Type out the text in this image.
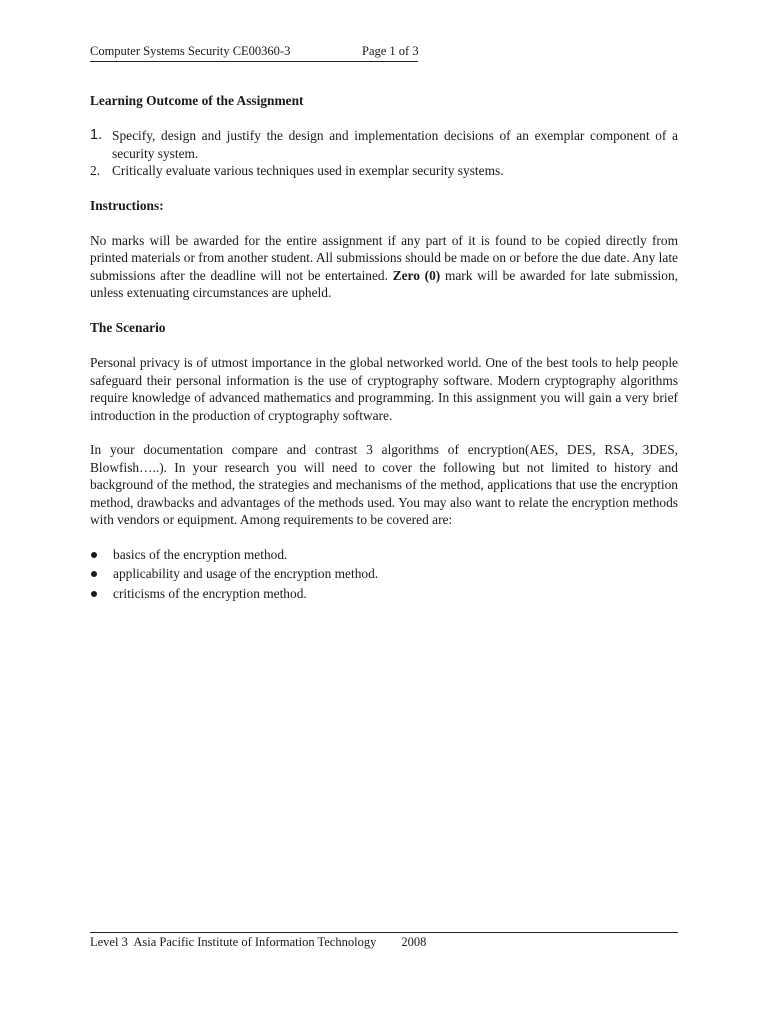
Computer Systems Security CE00360-3	Page 1 of 3
Learning Outcome of the Assignment
1. Specify, design and justify the design and implementation decisions of an exemplar component of a security system.
2. Critically evaluate various techniques used in exemplar security systems.
Instructions:

No marks will be awarded for the entire assignment if any part of it is found to be copied directly from printed materials or from another student. All submissions should be made on or before the due date. Any late submissions after the deadline will not be entertained. Zero (0) mark will be awarded for late submission, unless extenuating circumstances are upheld.

The Scenario

Personal privacy is of utmost importance in the global networked world. One of the best tools to help people safeguard their personal information is the use of cryptography software. Modern cryptography algorithms require knowledge of advanced mathematics and programming. In this assignment you will gain a very brief introduction in the production of cryptography software.

In your documentation compare and contrast 3 algorithms of encryption(AES, DES, RSA, 3DES, Blowfish…..). In your research you will need to cover the following but not limited to history and background of the method, the strategies and mechanisms of the method, applications that use the encryption method, drawbacks and advantages of the methods used. You may also want to relate the encryption methods with vendors or equipment. Among requirements to be covered are:

basics of the encryption method.
applicability and usage of the encryption method.
criticisms of the encryption method.
Level 3  Asia Pacific Institute of Information Technology        2008
